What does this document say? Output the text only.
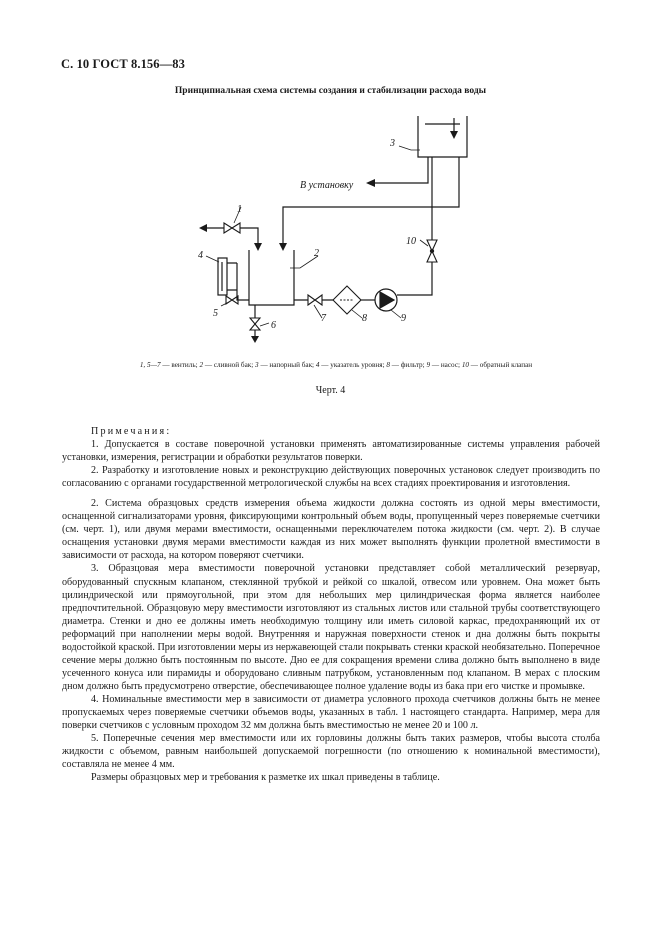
С. 10 ГОСТ 8.156—83
Принципиальная схема системы создания и стабилизации расхода воды
3
1
2
4
5
6
7	8	9
10
В установку
1, 5—7 — вентиль; 2 — сливной бак; 3 — напорный бак; 4 — указатель уровня; 8 — фильтр; 9 — насос; 10 — обратный клапан
Черт. 4

Примечания:

1. Допускается в составе поверочной установки применять автоматизированные системы управления рабочей установки, измерения, регистрации и обработки результатов поверки.

2. Разработку и изготовление новых и реконструкцию действующих поверочных установок следует производить по согласованию с органами государственной метрологической службы на всех стадиях проектирования и изготовления.

2. Система образцовых средств измерения объема жидкости должна состоять из одной меры вместимости, оснащенной сигнализаторами уровня, фиксирующими контрольный объем воды, пропущенный через поверяемые счетчики (см. черт. 1), или двумя мерами вместимости, оснащенными переключателем потока жидкости (см. черт. 2). В случае оснащения установки двумя мерами вместимости каждая из них может выполнять функции пролетной вместимости в зависимости от расхода, на котором поверяют счетчики.

3. Образцовая мера вместимости поверочной установки представляет собой металлический резервуар, оборудованный спускным клапаном, стеклянной трубкой и рейкой со шкалой, отвесом или уровнем. Она может быть цилиндрической или прямоугольной, при этом для небольших мер цилиндрическая форма является наиболее предпочтительной. Образцовую меру вместимости изготовляют из стальных листов или стальной трубы соответствующего диаметра. Стенки и дно ее должны иметь необходимую толщину или иметь силовой каркас, предохраняющий их от реформаций при наполнении меры водой. Внутренняя и наружная поверхности стенок и дна должны быть покрыты водостойкой краской. При изготовлении меры из нержавеющей стали покрывать стенки краской необязательно. Поперечное сечение меры должно быть постоянным по высоте. Дно ее для сокращения времени слива должно быть выполнено в виде усеченного конуса или пирамиды и оборудовано сливным патрубком, установленным под клапаном. В мерах с плоским дном должно быть предусмотрено отверстие, обеспечивающее полное удаление воды из бака при его чистке и промывке.

4. Номинальные вместимости мер в зависимости от диаметра условного прохода счетчиков должны быть не менее пропускаемых через поверяемые счетчики объемов воды, указанных в табл. 1 настоящего стандарта. Например, мера для поверки счетчиков с условным проходом 32 мм должна быть вместимостью не менее 20 и 100 л.

5. Поперечные сечения мер вместимости или их горловины должны быть таких размеров, чтобы высота столба жидкости с объемом, равным наибольшей допускаемой погрешности (по отношению к номинальной вместимости), составляла не менее 4 мм.

Размеры образцовых мер и требования к разметке их шкал приведены в таблице.
